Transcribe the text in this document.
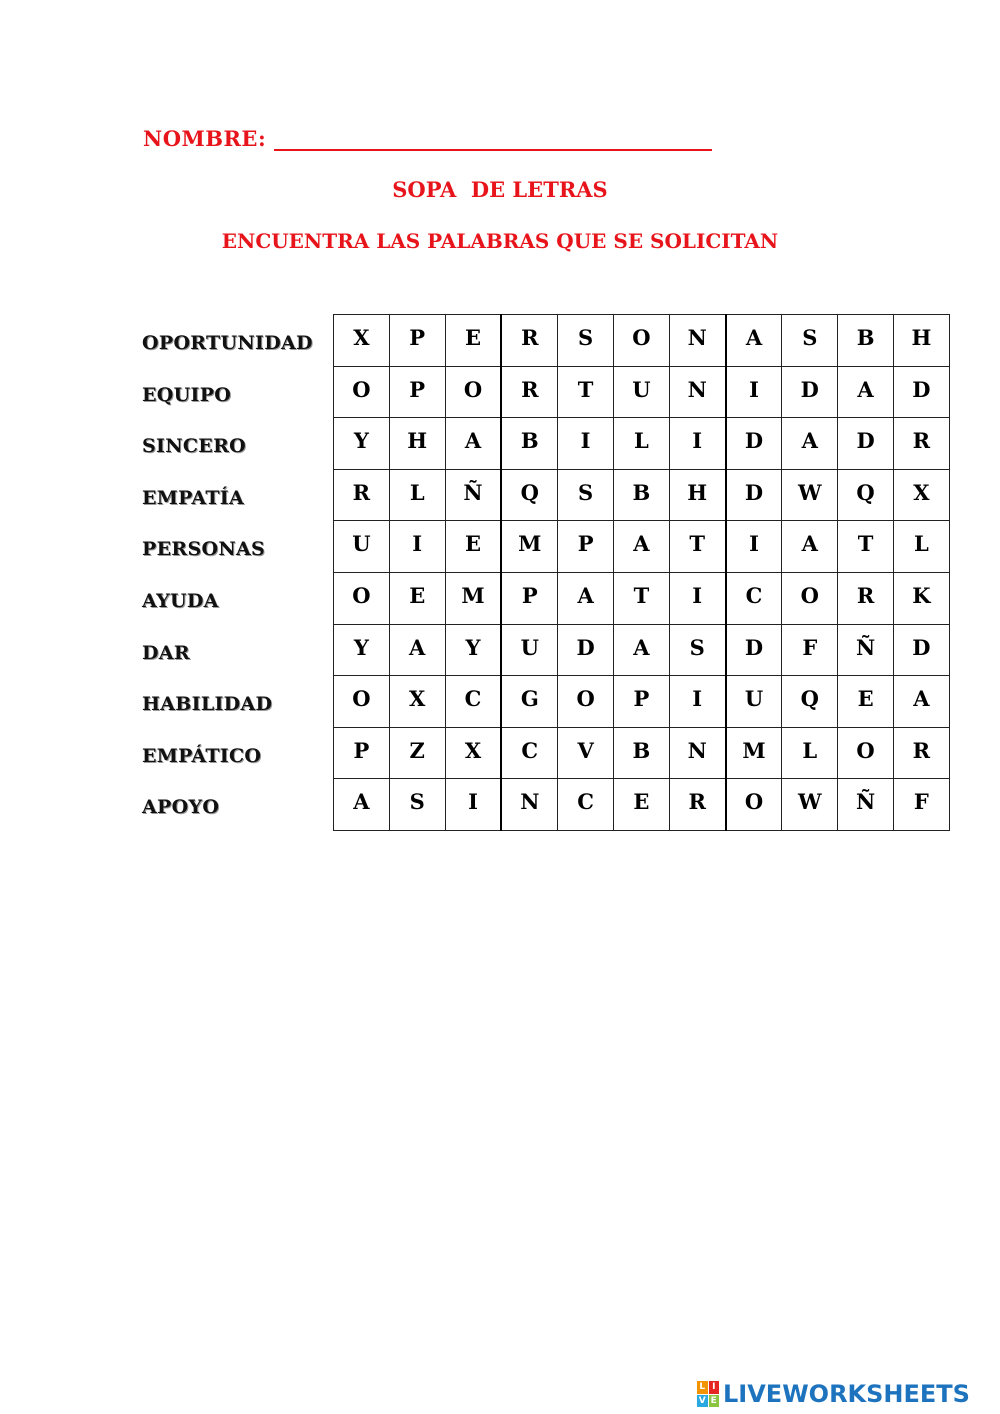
NOMBRE: ______________________________________________
SOPA  DE LETRAS
ENCUENTRA LAS PALABRAS QUE SE SOLICITAN
OPORTUNIDAD
EQUIPO
SINCERO
EMPATÍA
PERSONAS
AYUDA
DAR
HABILIDAD
EMPÁTICO
APOYO
X	P	E	R	S	O	N	A	S	B	H
O	P	O	R	T	U	N	I	D	A	D
Y	H	A	B	I	L	I	D	A	D	R
R	L	Ñ	Q	S	B	H	D	W	Q	X
U	I	E	M	P	A	T	I	A	T	L
O	E	M	P	A	T	I	C	O	R	K
Y	A	Y	U	D	A	S	D	F	Ñ	D
O	X	C	G	O	P	I	U	Q	E	A
P	Z	X	C	V	B	N	M	L	O	R
A	S	I	N	C	E	R	O	W	Ñ	F
L I
V E LIVEWORKSHEETS
